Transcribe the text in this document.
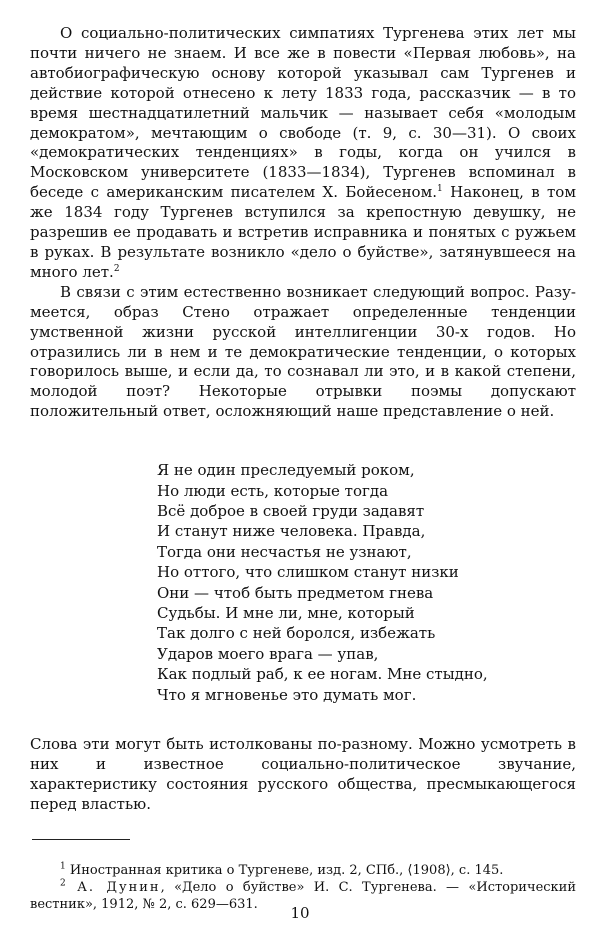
О социально-политических симпатиях Тургенева этих лет мы почти ничего не знаем. И все же в повести «Первая любовь», на автобиографическую основу которой указывал сам Тургенев и действие которой отнесено к лету 1833 года, рассказчик — в то время шестнадцатилетний мальчик — называет себя «молодым демократом», мечтающим о свободе (т. 9, с. 30—31). О своих «демократических тенденциях» в годы, когда он учился в Московском университете (1833—1834), Тургенев вспоминал в беседе с американским писателем Х. Бойесеном.$^1$ Наконец, в том же 1834 году Тургенев вступился за крепостную девушку, не разрешив ее продавать и встретив исправника и понятых с ружьем в руках. В результате возникло «дело о буйстве», затянувшееся на много лет.$^2$

В связи с этим естественно возникает следующий вопрос. Разумеется, образ Стено отражает определенные тенденции умственной жизни русской интеллигенции 30-х годов. Но отразились ли в нем и те демократические тенденции, о которых говорилось выше, и если да, то сознавал ли это, и в какой степени, молодой поэт? Некоторые отрывки поэмы допускают положительный ответ, осложняющий наше представление о ней.

Я не один преследуемый роком,
Но люди есть, которые тогда
Всё доброе в своей груди задавят
И станут ниже человека. Правда,
Тогда они несчастья не узнают,
Но оттого, что слишком станут низки
Они — чтоб быть предметом гнева
Судьбы. И мне ли, мне, который
Так долго с ней боролся, избежать
Ударов моего врага — упав,
Как подлый раб, к ее ногам. Мне стыдно,
Что я мгновенье это думать мог.

Слова эти могут быть истолкованы по-разному. Можно усмотреть в них и известное социально-политическое звучание, характеристику состояния русского общества, пресмыкающегося перед властью.

$^1$ Иностранная критика о Тургеневе, изд. 2, СПб., ⟨1908⟩, с. 145.

$^2$ А. Дунин, «Дело о буйстве» И. С. Тургенева. — «Исторический вестник», 1912, № 2, с. 629—631.	10
